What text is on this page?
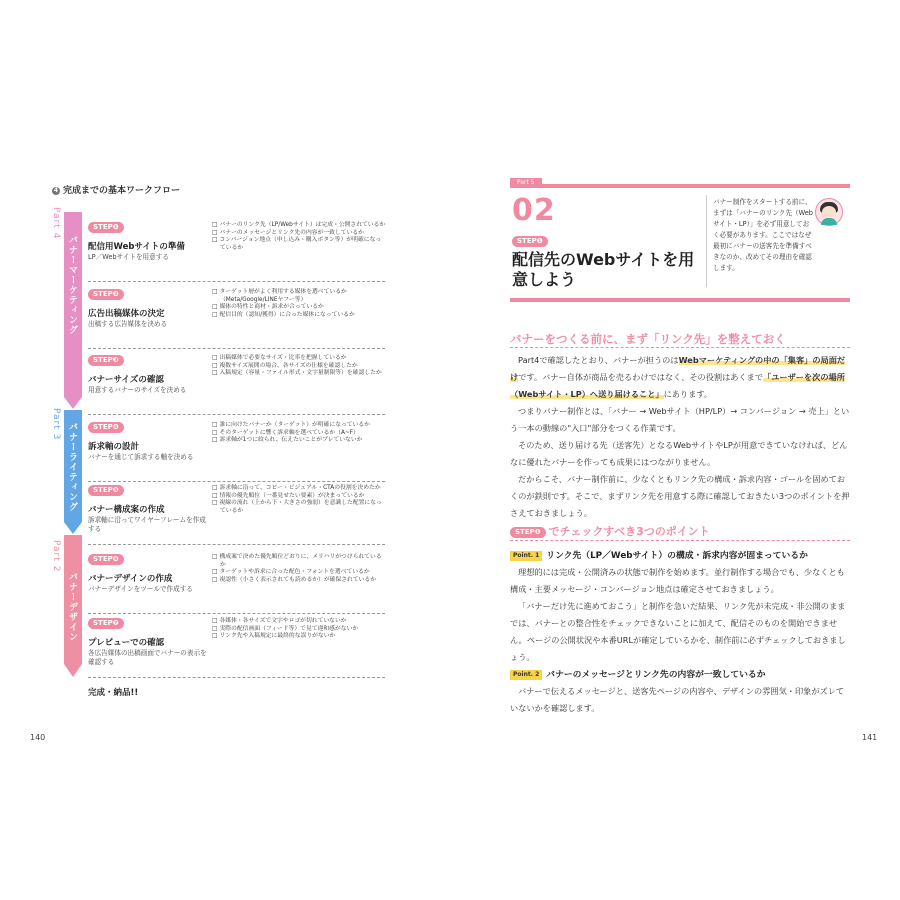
4 完成までの基本ワークフロー
Part 4
Part 3
Part 2
バナーマーケティング
バナーライティング
バナーデザイン
STEP❶
配信用Webサイトの準備
LP／Webサイトを用意する
□ バナーのリンク先（LP/Webサイト）は完成・公開されているか
□ バナーのメッセージとリンク先の内容が一致しているか
□ コンバージョン地点（申し込み・購入ボタン等）が明確になっているか
STEP❷
広告出稿媒体の決定
出稿する広告媒体を決める
□ ターゲット層がよく利用する媒体を選べているか（Meta/Google/LINEヤフー等）
□ 媒体の特性と商材・訴求が合っているか
□ 配信目的（認知/獲得）に合った媒体になっているか
STEP❸
バナーサイズの確認
用意するバナーのサイズを決める
□ 出稿媒体で必要なサイズ・比率を把握しているか
□ 複数サイズ展開の場合、各サイズの仕様を確認したか
□ 入稿規定（容量・ファイル形式・文字量制限等）を確認したか
STEP❹
訴求軸の設計
バナーを通じて訴求する軸を決める
□ 誰に向けたバナーか（ターゲット）が明確になっているか
□ そのターゲットに響く訴求軸を選べているか（A~F）
□ 訴求軸が1つに絞られ、伝えたいことがブレていないか
STEP❺
バナー構成案の作成
訴求軸に沿ってワイヤーフレームを作成する
□ 訴求軸に沿って、コピー・ビジュアル・CTAの役割を決めたか
□ 情報の優先順位（一番見せたい要素）が決まっているか
□ 視線の流れ（上から下・大きさの強弱）を意識した配置になっているか
STEP❻
バナーデザインの作成
バナーデザインをツールで作成する
□ 構成案で決めた優先順位どおりに、メリハリがつけられているか
□ ターゲットや訴求に合った配色・フォントを選べているか
□ 視認性（小さく表示されても読めるか）が確保されているか
STEP❼
プレビューでの確認
各広告媒体の出稿画面でバナーの表示を確認する
□ 各媒体・各サイズで文字やロゴが切れていないか
□ 実際の配信画面（フィード等）で見て違和感がないか
□ リンク先や入稿規定に最終的な誤りがないか
完成・納品!!
140
Part 5
02
STEP❶
配信先のWebサイトを用意しよう
バナー制作をスタートする前に、まずは「バナーのリンク先（Webサイト・LP）」を必ず用意しておく必要があります。ここではなぜ最初にバナーの送客先を準備すべきなのか、改めてその理由を確認します。
バナーをつくる前に、まず「リンク先」を整えておく

Part4で確認したとおり、バナーが担うのはWebマーケティングの中の「集客」の局面だけです。バナー自体が商品を売るわけではなく、その役割はあくまで「ユーザーを次の場所（Webサイト・LP）へ送り届けること」にあります。

つまりバナー制作とは、「バナー → Webサイト（HP/LP）→ コンバージョン → 売上」という一本の動線の"入口"部分をつくる作業です。

そのため、送り届ける先（送客先）となるWebサイトやLPが用意できていなければ、どんなに優れたバナーを作っても成果にはつながりません。

だからこそ、バナー制作前に、少なくともリンク先の構成・訴求内容・ゴールを固めておくのが鉄則です。そこで、まずリンク先を用意する際に確認しておきたい3つのポイントを押さえておきましょう。

STEP❶ でチェックすべき3つのポイント
Point. 1 リンク先（LP／Webサイト）の構成・訴求内容が固まっているか

理想的には完成・公開済みの状態で制作を始めます。並行制作する場合でも、少なくとも構成・主要メッセージ・コンバージョン地点は確定させておきましょう。

「バナーだけ先に進めておこう」と制作を急いだ結果、リンク先が未完成・非公開のままでは、バナーとの整合性をチェックできないことに加えて、配信そのものを開始できません。ページの公開状況や本番URLが確定しているかを、制作前に必ずチェックしておきましょう。

Point. 2 バナーのメッセージとリンク先の内容が一致しているか

バナーで伝えるメッセージと、送客先ページの内容や、デザインの雰囲気・印象がズレていないかを確認します。

141
